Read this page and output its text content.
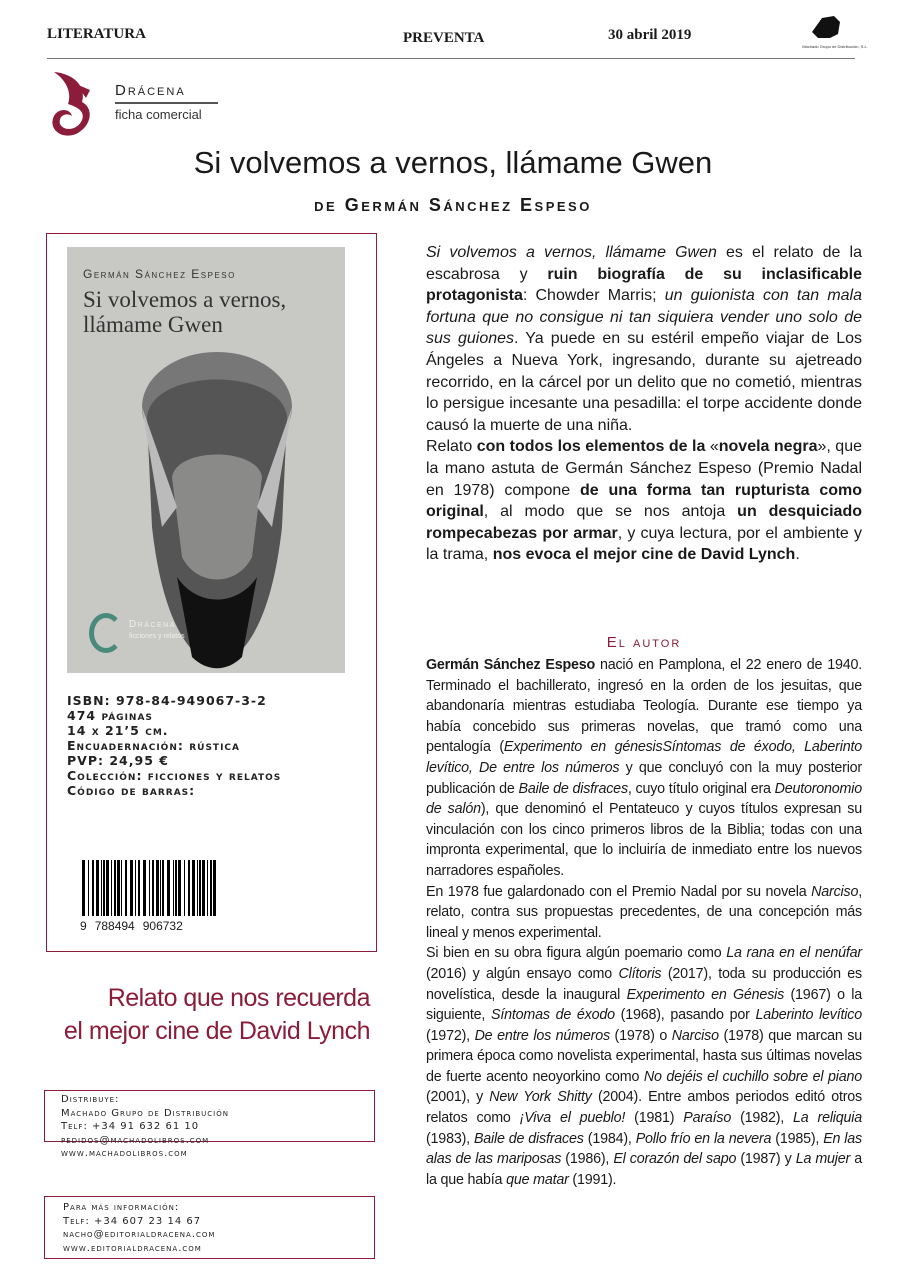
LITERATURA	PREVENTA	30 abril 2019
Machado Grupo de Distribución, S.L.
Drácena
ficha comercial
Si volvemos a vernos, llámame Gwen
de Germán Sánchez Espeso
Germán Sánchez Espeso
Si volvemos a vernos,
llámame Gwen
Drácena
ficciones y relatos
ISBN: 978-84-949067-3-2
474 páginas
14 x 21’5 cm.
Encuadernación: rústica
PVP: 24,95 €
Colección: ficciones y relatos
Código de barras:
9 788494 906732
Relato que nos recuerda
el mejor cine de David Lynch
Distribuye:
Machado Grupo de Distribución
Telf: +34 91 632 61 10
pedidos@machadolibros.com
www.machadolibros.com
Para más información:
Telf: +34 607 23 14 67
nacho@editorialdracena.com
www.editorialdracena.com

Si volvemos a vernos, llámame Gwen es el relato de la escabrosa y ruin biografía de su inclasificable protagonista: Chowder Marris; un guionista con tan mala fortuna que no consigue ni tan siquiera vender uno solo de sus guiones. Ya puede en su estéril empeño viajar de Los Ángeles a Nueva York, ingresando, durante su ajetreado recorrido, en la cárcel por un delito que no cometió, mientras lo persigue incesante una pesadilla: el torpe accidente donde causó la muerte de una niña.

Relato con todos los elementos de la «novela negra», que la mano astuta de Germán Sánchez Espeso (Premio Nadal en 1978) compone de una forma tan rupturista como original, al modo que se nos antoja un desquiciado rompecabezas por armar, y cuya lectura, por el ambiente y la trama, nos evoca el mejor cine de David Lynch.

El autor

Germán Sánchez Espeso nació en Pamplona, el 22 enero de 1940. Terminado el bachillerato, ingresó en la orden de los jesuitas, que abandonaría mientras estudiaba Teología. Durante ese tiempo ya había concebido sus primeras novelas, que tramó como una pentalogía (Experimento en génesisSíntomas de éxodo, Laberinto levítico, De entre los números y que concluyó con la muy posterior publicación de Baile de disfraces, cuyo título original era Deutoronomio de salón), que denominó el Pentateuco y cuyos títulos expresan su vinculación con los cinco primeros libros de la Biblia; todas con una impronta experimental, que lo incluiría de inmediato entre los nuevos narradores españoles.

En 1978 fue galardonado con el Premio Nadal por su novela Narciso, relato, contra sus propuestas precedentes, de una concepción más lineal y menos experimental.

Si bien en su obra figura algún poemario como La rana en el nenúfar (2016) y algún ensayo como Clítoris (2017), toda su producción es novelística, desde la inaugural Experimento en Génesis (1967) o la siguiente, Síntomas de éxodo (1968), pasando por Laberinto levítico (1972), De entre los números (1978) o Narciso (1978) que marcan su primera época como novelista experimental, hasta sus últimas novelas de fuerte acento neoyorkino como No dejéis el cuchillo sobre el piano (2001), y New York Shitty (2004). Entre ambos periodos editó otros relatos como ¡Viva el pueblo! (1981) Paraíso (1982), La reliquia (1983), Baile de disfraces (1984), Pollo frío en la nevera (1985), En las alas de las mariposas (1986), El corazón del sapo (1987) y La mujer a la que había que matar (1991).
